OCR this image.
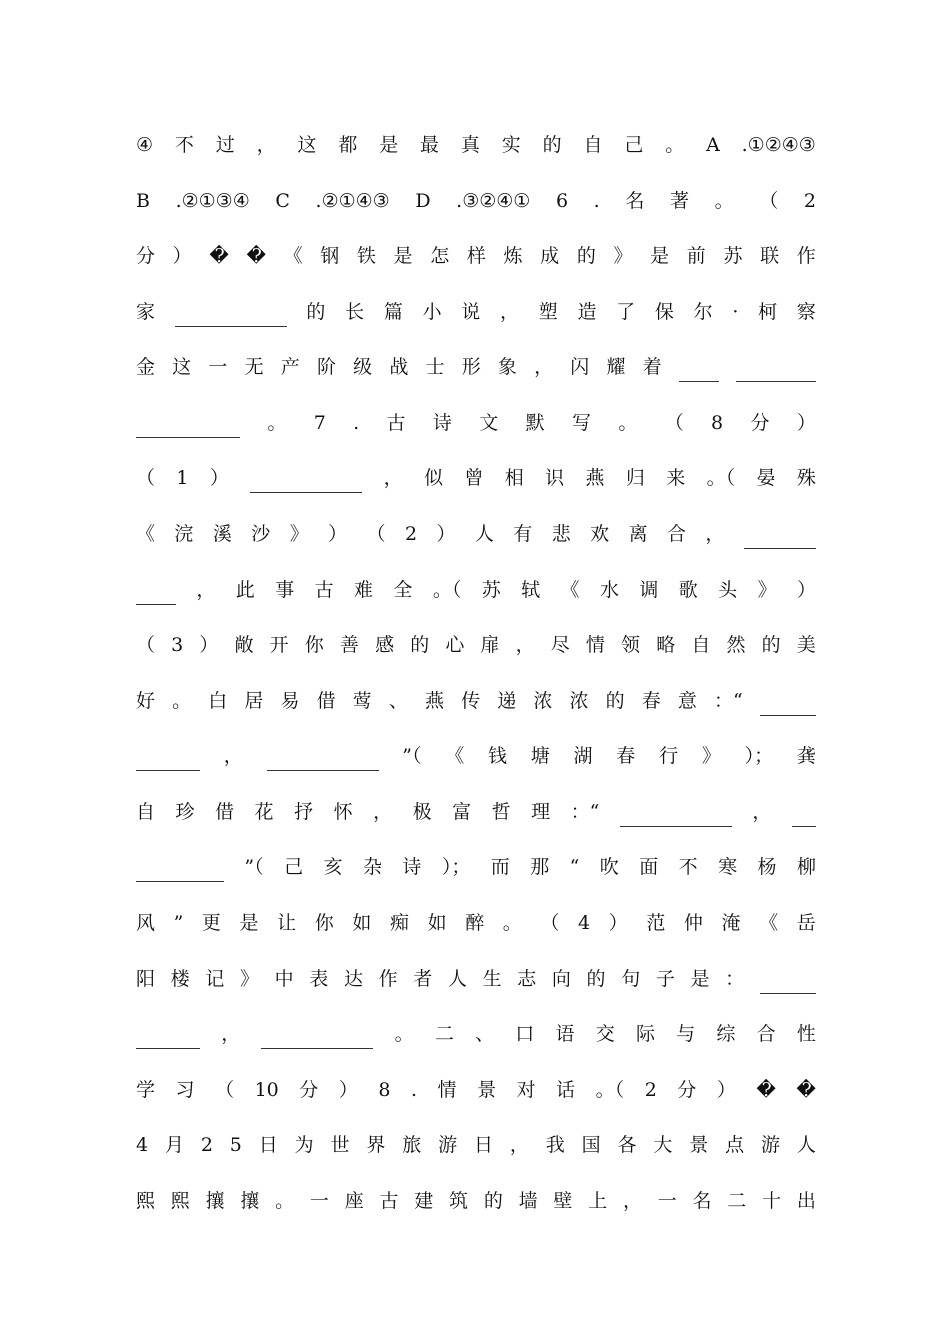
④ 不 过 ， 这 都 是 最 真 实 的 自 己 。 A .①②④③
B .②①③④ C .②①④③ D .③②④① 6 . 名 著 。 （ 2
分 ） � � 《 钢 铁 是 怎 样 炼 成 的 》 是 前 苏 联 作
家	的 长 篇 小 说 ， 塑 造 了 保 尔 · 柯 察
金 这 一 无 产 阶 级 战 士 形 象 ， 闪 耀 着
。 7 . 古 诗 文 默 写 。 （ 8 分 ）
（ 1 ）	， 似 曾 相 识 燕 归 来 。（ 晏 殊
《 浣 溪 沙 》 ） （ 2 ） 人 有 悲 欢 离 合 ，
， 此 事 古 难 全 。（ 苏 轼 《 水 调 歌 头 》 ）
（ 3 ） 敞 开 你 善 感 的 心 扉 ， 尽 情 领 略 自 然 的 美
好 。 白 居 易 借 莺 、 燕 传 递 浓 浓 的 春 意 ：“
，	”（ 《 钱 塘 湖 春 行 》 ）； 龚
自 珍 借 花 抒 怀 ， 极 富 哲 理 ：“	，
”（ 己 亥 杂 诗 ）； 而 那 “ 吹 面 不 寒 杨 柳
风 ” 更 是 让 你 如 痴 如 醉 。 （ 4 ） 范 仲 淹 《 岳
阳 楼 记 》 中 表 达 作 者 人 生 志 向 的 句 子 是 ：
，	。 二 、 口 语 交 际 与 综 合 性
学 习 （ 10 分 ） 8 . 情 景 对 话 。（ 2 分 ） � �
4 月 2 5 日 为 世 界 旅 游 日 ， 我 国 各 大 景 点 游 人
熙 熙 攘 攘 。 一 座 古 建 筑 的 墙 壁 上 ， 一 名 二 十 出
